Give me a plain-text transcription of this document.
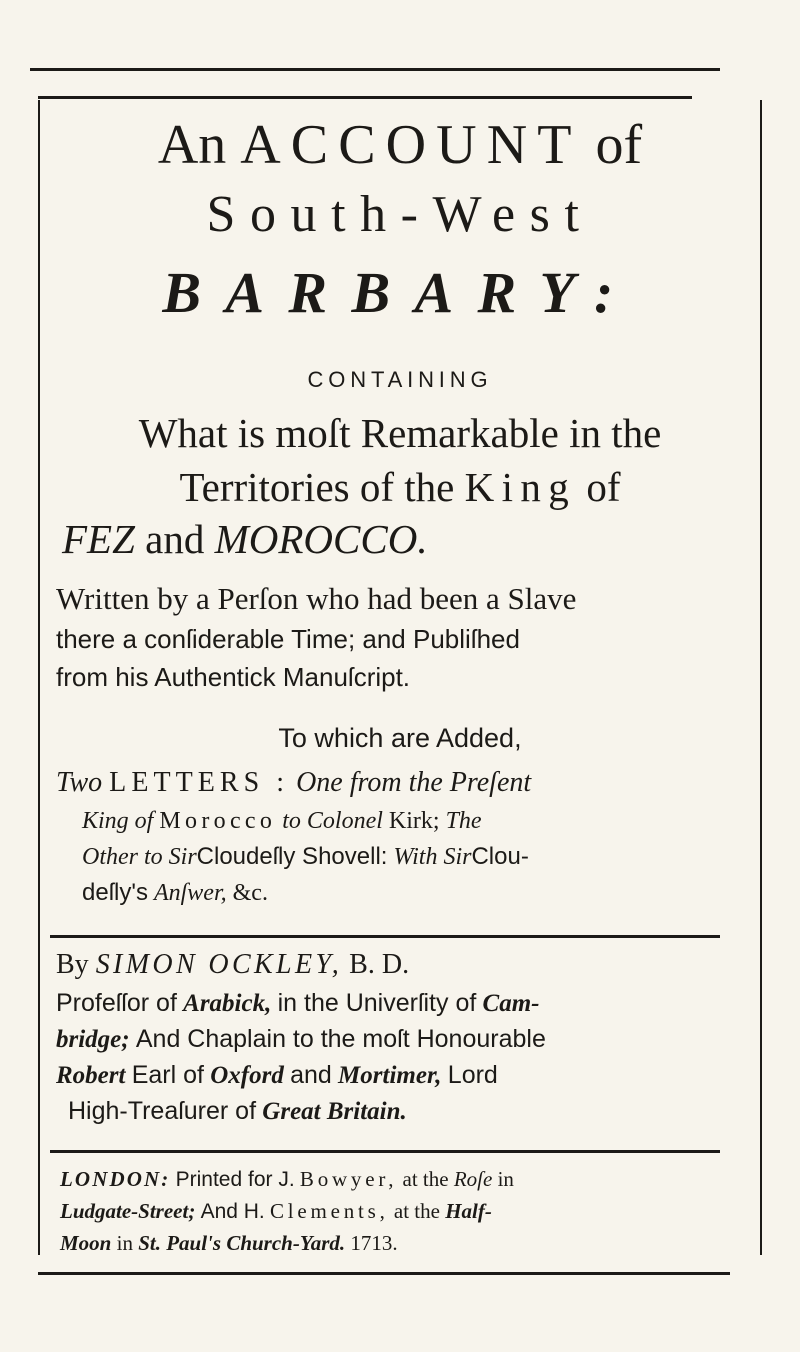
An ACCOUNT of
South-West
BARBARY:
CONTAINING
What is moſt Remarkable in the
Territories of the King of
FEZ and MOROCCO.
Written by a Perſon who had been a Slave
there a conſiderable Time; and Publiſhed
from his Authentick Manuſcript.
To which are Added,
Two LETTERS : One from the Preſent
King of Morocco to Colonel Kirk; The
Other to SirCloudeſly Shovell: With SirClou-
deſly's Anſwer, &c.
By SIMON OCKLEY, B. D.
Profeſſor of Arabick, in the Univerſity of Cam-
bridge; And Chaplain to the moſt Honourable
Robert Earl of Oxford and Mortimer, Lord
High-Treaſurer of Great Britain.
LONDON: Printed for J. Bowyer, at the Roſe in
Ludgate-Street; And H. Clements, at the Half-
Moon in St. Paul's Church-Yard. 1713.
